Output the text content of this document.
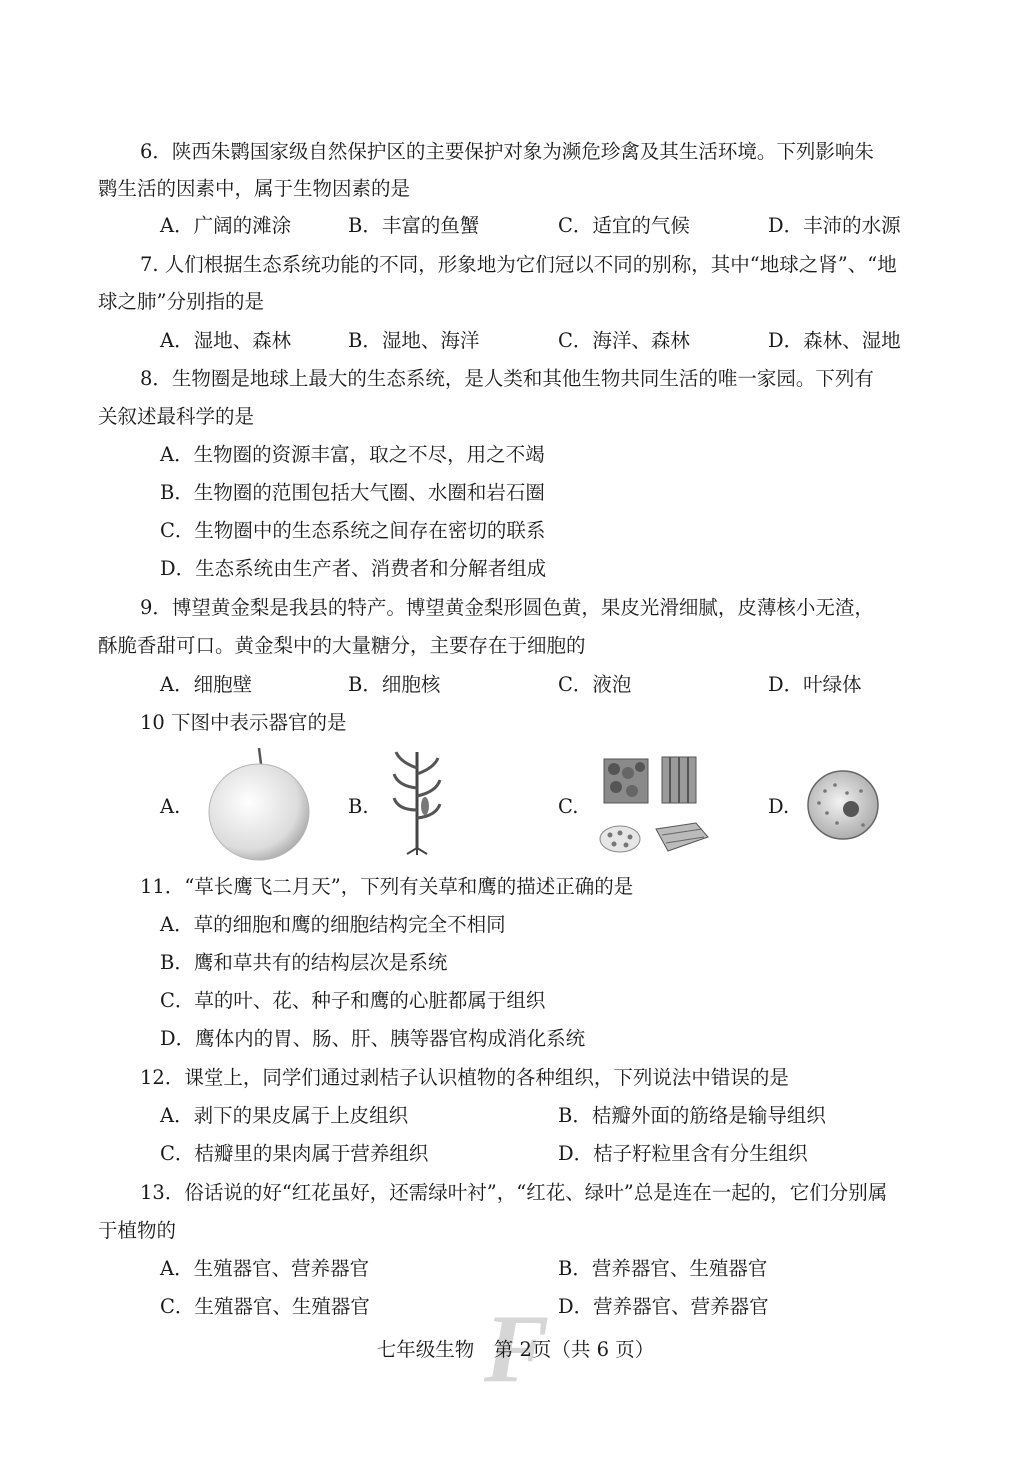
6．陕西朱鹮国家级自然保护区的主要保护对象为濒危珍禽及其生活环境。下列影响朱
鹮生活的因素中，属于生物因素的是
A．广阔的滩涂	B．丰富的鱼蟹	C．适宜的气候	D．丰沛的水源
7. 人们根据生态系统功能的不同，形象地为它们冠以不同的别称，其中“地球之肾”、“地
球之肺”分别指的是
A．湿地、森林	B．湿地、海洋	C．海洋、森林	D．森林、湿地
8．生物圈是地球上最大的生态系统，是人类和其他生物共同生活的唯一家园。下列有
关叙述最科学的是
A．生物圈的资源丰富，取之不尽，用之不竭
B．生物圈的范围包括大气圈、水圈和岩石圈
C．生物圈中的生态系统之间存在密切的联系
D．生态系统由生产者、消费者和分解者组成
9．博望黄金梨是我县的特产。博望黄金梨形圆色黄，果皮光滑细腻，皮薄核小无渣，
酥脆香甜可口。黄金梨中的大量糖分，主要存在于细胞的
A．细胞壁	B．细胞核	C．液泡	D．叶绿体
10 下图中表示器官的是
A.	B.	C.	D.
11．“草长鹰飞二月天”，下列有关草和鹰的描述正确的是
A．草的细胞和鹰的细胞结构完全不相同
B．鹰和草共有的结构层次是系统
C．草的叶、花、种子和鹰的心脏都属于组织
D．鹰体内的胃、肠、肝、胰等器官构成消化系统
12．课堂上，同学们通过剥桔子认识植物的各种组织，下列说法中错误的是
A．剥下的果皮属于上皮组织	B．桔瓣外面的筋络是输导组织
C．桔瓣里的果肉属于营养组织	D．桔子籽粒里含有分生组织
13．俗话说的好“红花虽好，还需绿叶衬”，“红花、绿叶”总是连在一起的，它们分别属
于植物的
A．生殖器官、营养器官	B．营养器官、生殖器官
C．生殖器官、生殖器官	D．营养器官、营养器官
F
七年级生物　第 2页（共 6 页）
